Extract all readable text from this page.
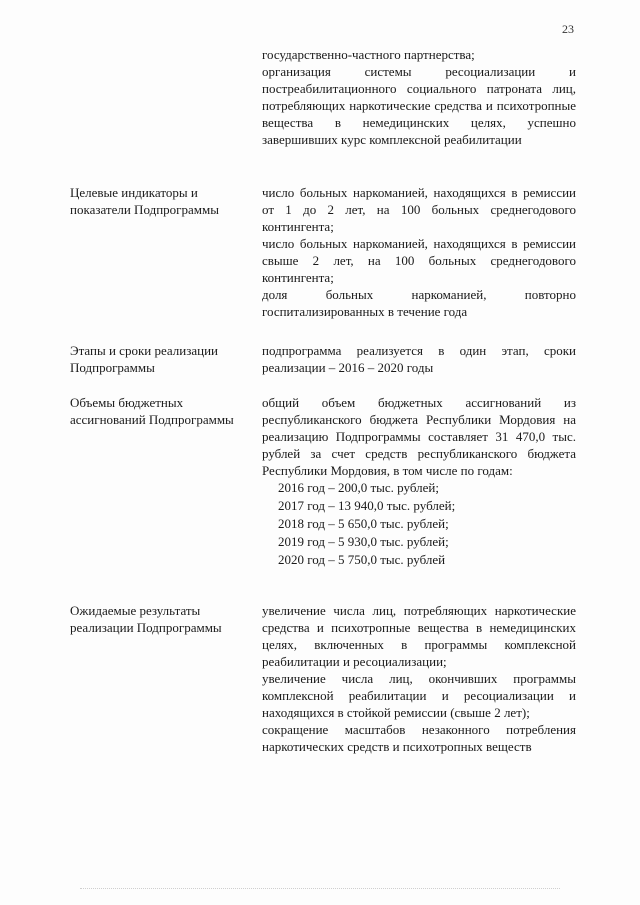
23

государственно-частного партнерства;

организация системы ресоциализации и постреабилитационного социального патроната лиц, потребляющих наркотические средства и психотропные вещества в немедицинских целях, успешно завершивших курс комплексной реабилитации

Целевые индикаторы и показатели Подпрограммы

число больных наркоманией, находящихся в ремиссии от 1 до 2 лет, на 100 больных среднегодового контингента;

число больных наркоманией, находящихся в ремиссии свыше 2 лет, на 100 больных среднегодового контингента;

доля больных наркоманией, повторно госпитализированных в течение года

Этапы и сроки реализации Подпрограммы

подпрограмма реализуется в один этап, сроки реализации – 2016 – 2020 годы

Объемы бюджетных ассигнований Подпрограммы

общий объем бюджетных ассигнований из республиканского бюджета Республики Мордовия на реализацию Подпрограммы составляет 31 470,0 тыс. рублей за счет средств республиканского бюджета Республики Мордовия, в том числе по годам:

2016 год – 200,0 тыс. рублей;
2017 год – 13 940,0 тыс. рублей;
2018 год – 5 650,0 тыс. рублей;
2019 год – 5 930,0 тыс. рублей;
2020 год – 5 750,0 тыс. рублей
Ожидаемые результаты реализации Подпрограммы

увеличение числа лиц, потребляющих наркотические средства и психотропные вещества в немедицинских целях, включенных в программы комплексной реабилитации и ресоциализации;

увеличение числа лиц, окончивших программы комплексной реабилитации и ресоциализации и находящихся в стойкой ремиссии (свыше 2 лет);

сокращение масштабов незаконного потребления наркотических средств и психотропных веществ
